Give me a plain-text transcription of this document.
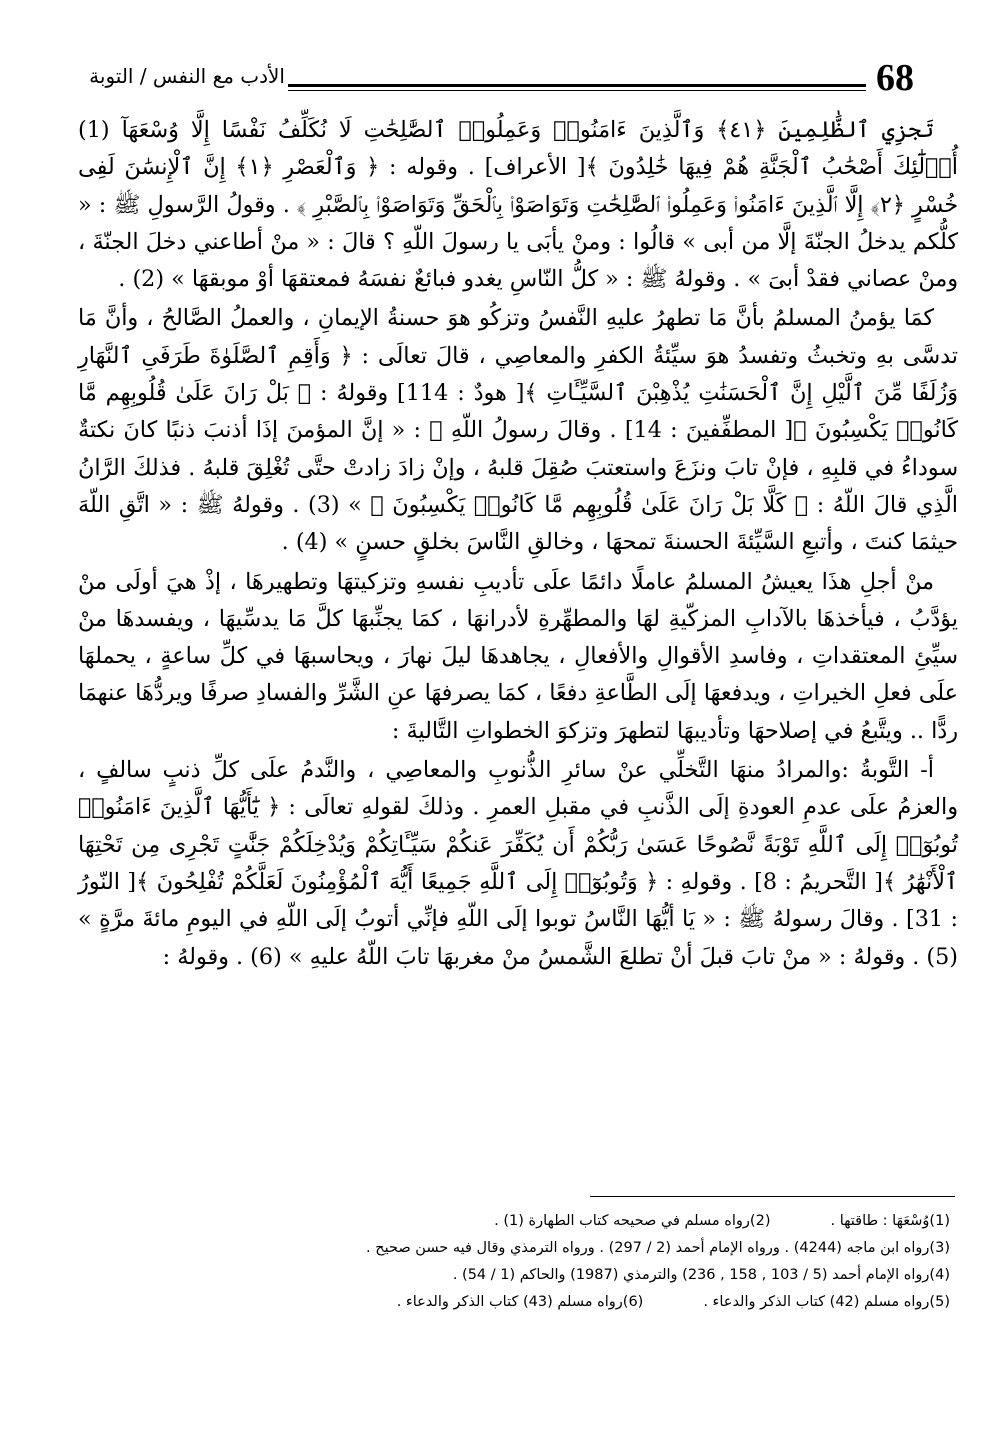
68
الأدب مع النفس / التوبة

تَجزِي ٱلظَّٰلِمِينَ ﴿٤١﴾ وَٱلَّذِينَ ءَامَنُوا۟ وَعَمِلُوا۟ ٱلصَّٰلِحَٰتِ لَا نُكَلِّفُ نَفْسًا إِلَّا وُسْعَهَآ (1) أُو۟لَٰٓئِكَ أَصْحَٰبُ ٱلْجَنَّةِ هُمْ فِيهَا خَٰلِدُونَ ﴾[ الأعراف] . وقوله : ﴿ وَٱلْعَصْرِ ﴿١﴾ إِنَّ ٱلْإِنسَٰنَ لَفِى خُسْرٍ ﴿٢﴾ إِلَّا ٱلَّذِينَ ءَامَنُوا۟ وَعَمِلُوا۟ ٱلصَّٰلِحَٰتِ وَتَوَاصَوْا۟ بِٱلْحَقِّ وَتَوَاصَوْا۟ بِٱلصَّبْرِ ﴾ . وقولُ الرَّسولِ ﷺ : « كلُّكم يدخلُ الجنّةَ إلَّا من أبى » قالُوا : ومنْ يأبَى يا رسولَ اللّهِ ؟ قالَ : « منْ أطاعني دخلَ الجنّةَ ، ومنْ عصاني فقدْ أبىَ » . وقولهُ ﷺ : « كلُّ النّاسِ يغدو فبائعٌ نفسَهُ فمعتقهَا أوْ موبقهَا » (2) .

كمَا يؤمنُ المسلمُ بأنَّ مَا تطهرُ عليهِ النَّفسُ وتزكُو هوَ حسنةُ الإيمانِ ، والعملُ الصَّالحُ ، وأنَّ مَا تدسَّى بهِ وتخبثُ وتفسدُ هوَ سيِّئةُ الكفرِ والمعاصِي ، قالَ تعالَى : ﴿ وَأَقِمِ ٱلصَّلَوٰةَ طَرَفَىِ ٱلنَّهَارِ وَزُلَفًا مِّنَ ٱلَّيْلِ إِنَّ ٱلْحَسَنَٰتِ يُذْهِبْنَ ٱلسَّيِّـَٔاتِ ﴾[ هودٌ : 114] وقولهُ : ﴿ بَلْ رَانَ عَلَىٰ قُلُوبِهِم مَّا كَانُوا۟ يَكْسِبُونَ ﴾[ المطفِّفينَ : 14] . وقالَ رسولُ اللّهِ ﷺ : « إنَّ المؤمنَ إذَا أذنبَ ذنبًا كانَ نكتةٌ سوداءُ في قلبِهِ ، فإنْ تابَ ونزَعَ واستعتبَ صُقِلَ قلبهُ ، وإنْ زادَ زادتْ حتَّى تُغْلِقَ قلبهُ . فذلكَ الرَّانُ الَّذِي قالَ اللّهُ : ﴿ كَلَّا بَلْ رَانَ عَلَىٰ قُلُوبِهِم مَّا كَانُوا۟ يَكْسِبُونَ ﴾ » (3) . وقولهُ ﷺ : « اتَّقِ اللّهَ حيثمَا كنتَ ، وأتبعِ السَّيِّئةَ الحسنةَ تمحهَا ، وخالقِ النَّاسَ بخلقٍ حسنٍ » (4) .

منْ أجلِ هذَا يعيشُ المسلمُ عاملًا دائمًا علَى تأديبِ نفسهِ وتزكيتهَا وتطهيرهَا ، إذْ هيَ أولَى منْ يؤدَّبُ ، فيأخذهَا بالآدابِ المزكّيةِ لهَا والمطهِّرةِ لأدرانهَا ، كمَا يجنِّبهَا كلَّ مَا يدسِّيهَا ، ويفسدهَا منْ سيِّئِ المعتقداتِ ، وفاسدِ الأقوالِ والأفعالِ ، يجاهدهَا ليلَ نهارَ ، ويحاسبهَا في كلِّ ساعةٍ ، يحملهَا علَى فعلِ الخيراتِ ، ويدفعهَا إلَى الطَّاعةِ دفعًا ، كمَا يصرفهَا عنِ الشَّرِّ والفسادِ صرفًا ويردُّهَا عنهمَا ردًّا .. ويتَّبعُ في إصلاحهَا وتأديبهَا لتطهرَ وتزكوَ الخطواتِ التَّاليةَ :

أ- التَّوبةُ :والمرادُ منهَا التَّخلِّي عنْ سائرِ الذُّنوبِ والمعاصِي ، والنَّدمُ علَى كلِّ ذنبٍ سالفٍ ، والعزمُ علَى عدمِ العودةِ إلَى الذَّنبِ في مقبلِ العمرِ . وذلكَ لقولهِ تعالَى : ﴿ يَٰٓأَيُّهَا ٱلَّذِينَ ءَامَنُوا۟ تُوبُوٓا۟ إِلَى ٱللَّهِ تَوْبَةً نَّصُوحًا عَسَىٰ رَبُّكُمْ أَن يُكَفِّرَ عَنكُمْ سَيِّـَٔاتِكُمْ وَيُدْخِلَكُمْ جَنَّٰتٍ تَجْرِى مِن تَحْتِهَا ٱلْأَنْهَٰرُ ﴾[ التَّحريمُ : 8] . وقولهِ : ﴿ وَتُوبُوٓا۟ إِلَى ٱللَّهِ جَمِيعًا أَيُّهَ ٱلْمُؤْمِنُونَ لَعَلَّكُمْ تُفْلِحُونَ ﴾[ النّورُ : 31] . وقالَ رسولهُ ﷺ : « يَا أيُّهَا النَّاسُ توبوا إلَى اللّهِ فإنِّي أتوبُ إلَى اللّهِ في اليومِ مائةَ مرَّةٍ » (5) . وقولهُ : « منْ تابَ قبلَ أنْ تطلعَ الشَّمسُ منْ مغربهَا تابَ اللّهُ عليهِ » (6) . وقولهُ :

(1)وُسْعَهَا : طاقتها .
(2)رواه مسلم في صحيحه كتاب الطهارة (1) .
(3)رواه ابن ماجه (4244) . ورواه الإمام أحمد (2 / 297) . ورواه الترمذي وقال فيه حسن صحيح .
(4)رواه الإمام أحمد (5 / 103 , 158 , 236) والترمذي (1987) والحاكم (1 / 54) .
(5)رواه مسلم (42) كتاب الذكر والدعاء .
(6)رواه مسلم (43) كتاب الذكر والدعاء .
